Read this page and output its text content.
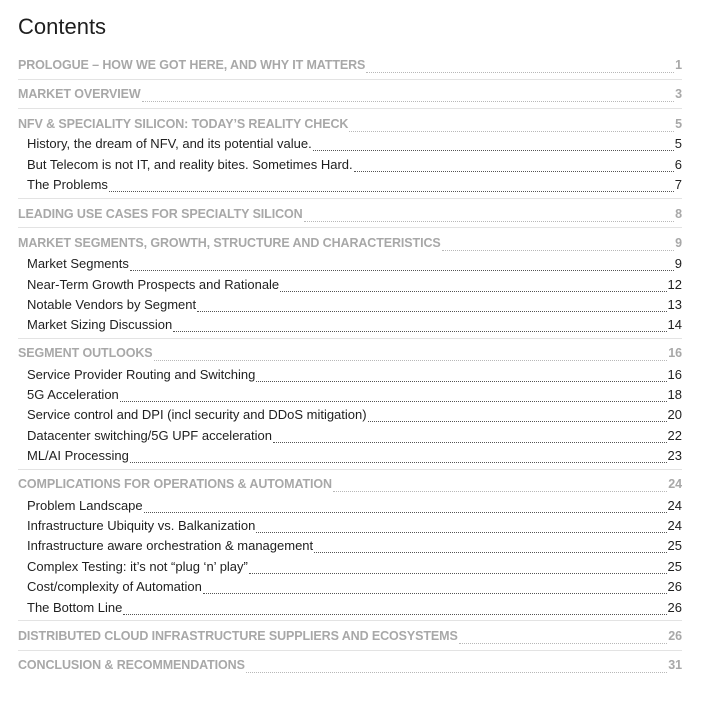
Contents
PROLOGUE – HOW WE GOT HERE, AND WHY IT MATTERS	1
MARKET OVERVIEW	3
NFV & SPECIALITY SILICON: TODAY’S REALITY CHECK	5
History, the dream of NFV, and its potential value.	5
But Telecom is not IT, and reality bites. Sometimes Hard.	6
The Problems	7
LEADING USE CASES FOR SPECIALTY SILICON	8
MARKET SEGMENTS, GROWTH, STRUCTURE AND CHARACTERISTICS	9
Market Segments	9
Near-Term Growth Prospects and Rationale	12
Notable Vendors by Segment	13
Market Sizing Discussion	14
SEGMENT OUTLOOKS	16
Service Provider Routing and Switching	16
5G Acceleration	18
Service control and DPI (incl security and DDoS mitigation)	20
Datacenter switching/5G UPF acceleration	22
ML/AI Processing	23
COMPLICATIONS FOR OPERATIONS & AUTOMATION	24
Problem Landscape	24
Infrastructure Ubiquity vs. Balkanization	24
Infrastructure aware orchestration & management	25
Complex Testing: it’s not “plug ‘n’ play”	25
Cost/complexity of Automation	26
The Bottom Line	26
DISTRIBUTED CLOUD INFRASTRUCTURE SUPPLIERS AND ECOSYSTEMS	26
CONCLUSION & RECOMMENDATIONS	31
